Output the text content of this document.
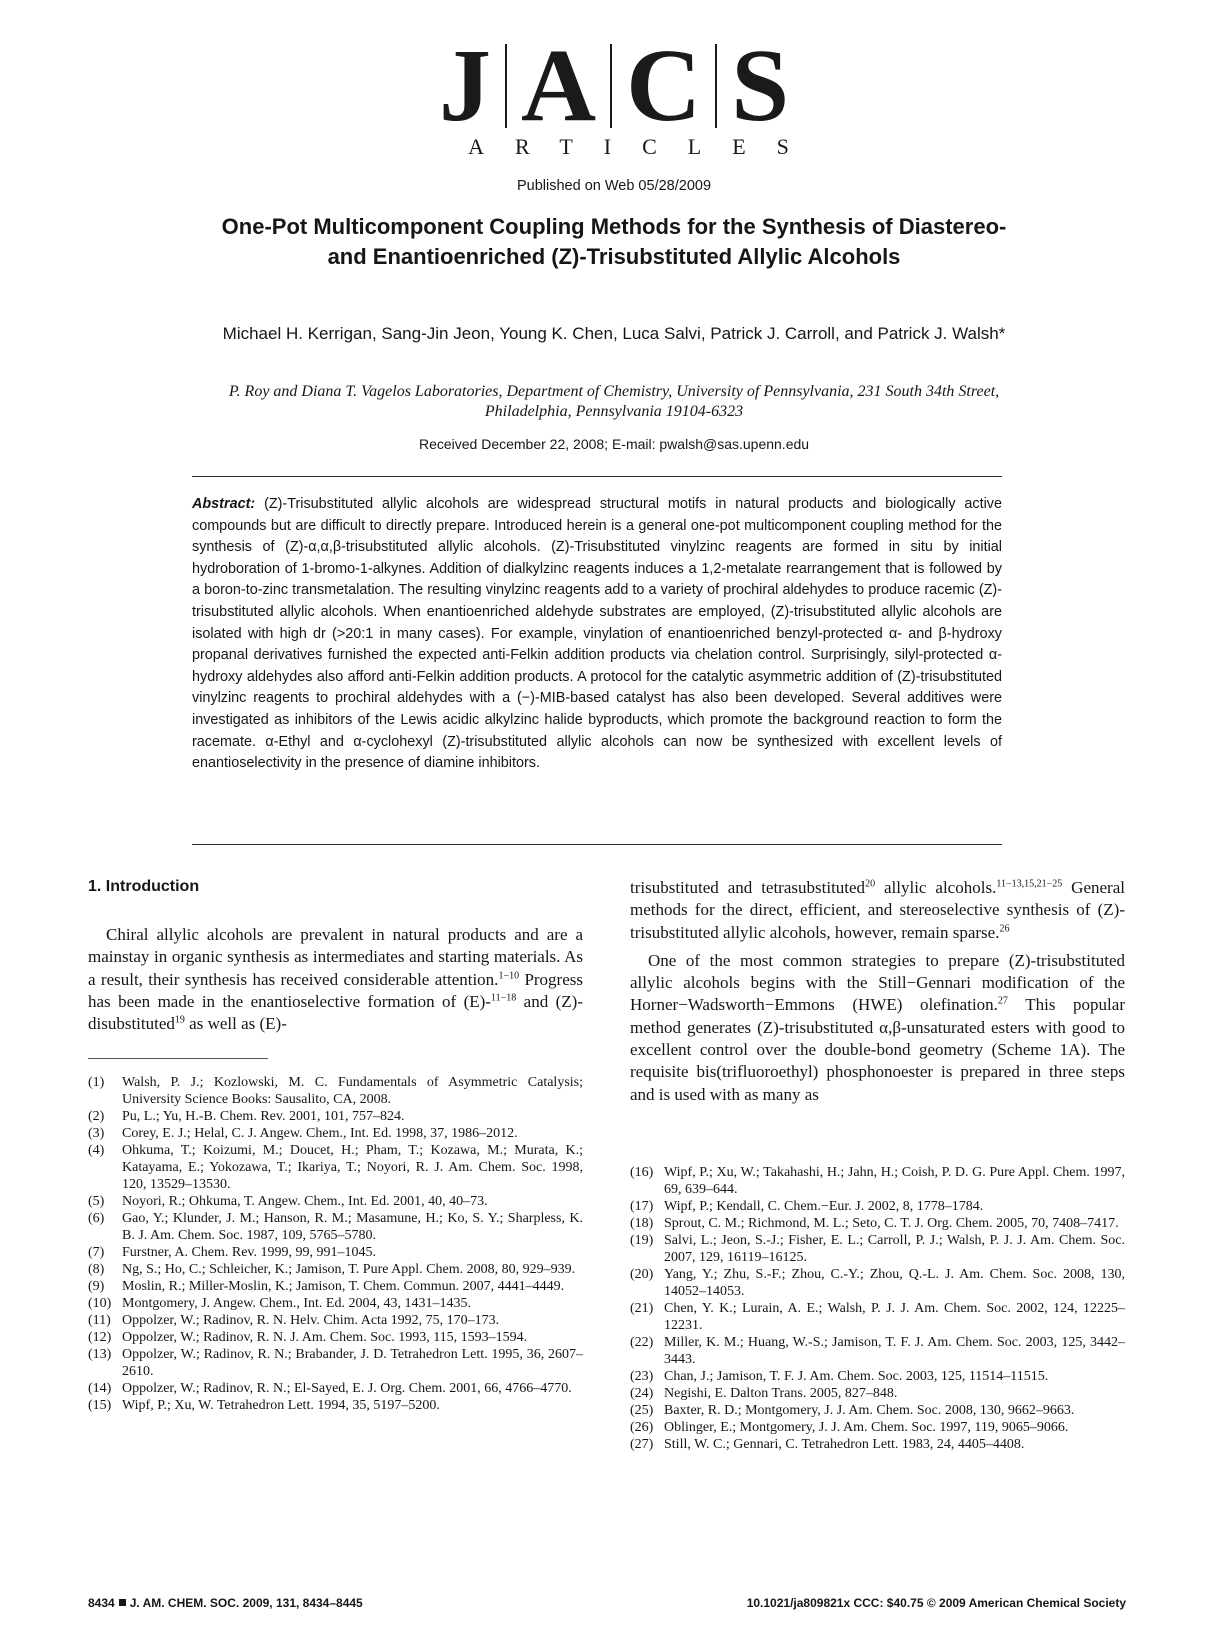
J A C S
ARTICLES
Published on Web 05/28/2009
One-Pot Multicomponent Coupling Methods for the Synthesis of Diastereo- and Enantioenriched (Z)-Trisubstituted Allylic Alcohols
Michael H. Kerrigan, Sang-Jin Jeon, Young K. Chen, Luca Salvi, Patrick J. Carroll, and Patrick J. Walsh*
P. Roy and Diana T. Vagelos Laboratories, Department of Chemistry, University of Pennsylvania, 231 South 34th Street, Philadelphia, Pennsylvania 19104-6323
Received December 22, 2008; E-mail: pwalsh@sas.upenn.edu
Abstract: (Z)-Trisubstituted allylic alcohols are widespread structural motifs in natural products and biologically active compounds but are difficult to directly prepare. Introduced herein is a general one-pot multicomponent coupling method for the synthesis of (Z)-α,α,β-trisubstituted allylic alcohols. (Z)-Trisubstituted vinylzinc reagents are formed in situ by initial hydroboration of 1-bromo-1-alkynes. Addition of dialkylzinc reagents induces a 1,2-metalate rearrangement that is followed by a boron-to-zinc transmetalation. The resulting vinylzinc reagents add to a variety of prochiral aldehydes to produce racemic (Z)-trisubstituted allylic alcohols. When enantioenriched aldehyde substrates are employed, (Z)-trisubstituted allylic alcohols are isolated with high dr (>20:1 in many cases). For example, vinylation of enantioenriched benzyl-protected α- and β-hydroxy propanal derivatives furnished the expected anti-Felkin addition products via chelation control. Surprisingly, silyl-protected α-hydroxy aldehydes also afford anti-Felkin addition products. A protocol for the catalytic asymmetric addition of (Z)-trisubstituted vinylzinc reagents to prochiral aldehydes with a (−)-MIB-based catalyst has also been developed. Several additives were investigated as inhibitors of the Lewis acidic alkylzinc halide byproducts, which promote the background reaction to form the racemate. α-Ethyl and α-cyclohexyl (Z)-trisubstituted allylic alcohols can now be synthesized with excellent levels of enantioselectivity in the presence of diamine inhibitors.
1. Introduction

Chiral allylic alcohols are prevalent in natural products and are a mainstay in organic synthesis as intermediates and starting materials. As a result, their synthesis has received considerable attention.$^{1-10}$ Progress has been made in the enantioselective formation of (E)-$^{11-18}$ and (Z)-disubstituted$^{19}$ as well as (E)-

trisubstituted and tetrasubstituted$^{20}$ allylic alcohols.$^{11-13,15,21-25}$ General methods for the direct, efficient, and stereoselective synthesis of (Z)-trisubstituted allylic alcohols, however, remain sparse.$^{26}$

One of the most common strategies to prepare (Z)-trisubstituted allylic alcohols begins with the Still−Gennari modification of the Horner−Wadsworth−Emmons (HWE) olefination.$^{27}$ This popular method generates (Z)-trisubstituted α,β-unsaturated esters with good to excellent control over the double-bond geometry (Scheme 1A). The requisite bis(trifluoroethyl) phosphonoester is prepared in three steps and is used with as many as

(1)	Walsh, P. J.; Kozlowski, M. C. Fundamentals of Asymmetric Catalysis; University Science Books: Sausalito, CA, 2008.
(2)	Pu, L.; Yu, H.-B. Chem. Rev. 2001, 101, 757–824.
(3)	Corey, E. J.; Helal, C. J. Angew. Chem., Int. Ed. 1998, 37, 1986–2012.
(4)	Ohkuma, T.; Koizumi, M.; Doucet, H.; Pham, T.; Kozawa, M.; Murata, K.; Katayama, E.; Yokozawa, T.; Ikariya, T.; Noyori, R. J. Am. Chem. Soc. 1998, 120, 13529–13530.
(5)	Noyori, R.; Ohkuma, T. Angew. Chem., Int. Ed. 2001, 40, 40–73.
(6)	Gao, Y.; Klunder, J. M.; Hanson, R. M.; Masamune, H.; Ko, S. Y.; Sharpless, K. B. J. Am. Chem. Soc. 1987, 109, 5765–5780.
(7)	Furstner, A. Chem. Rev. 1999, 99, 991–1045.
(8)	Ng, S.; Ho, C.; Schleicher, K.; Jamison, T. Pure Appl. Chem. 2008, 80, 929–939.
(9)	Moslin, R.; Miller-Moslin, K.; Jamison, T. Chem. Commun. 2007, 4441–4449.
(10) Montgomery, J. Angew. Chem., Int. Ed. 2004, 43, 1431–1435.
(11) Oppolzer, W.; Radinov, R. N. Helv. Chim. Acta 1992, 75, 170–173.
(12) Oppolzer, W.; Radinov, R. N. J. Am. Chem. Soc. 1993, 115, 1593–1594.
(13) Oppolzer, W.; Radinov, R. N.; Brabander, J. D. Tetrahedron Lett. 1995, 36, 2607–2610.
(14) Oppolzer, W.; Radinov, R. N.; El-Sayed, E. J. Org. Chem. 2001, 66, 4766–4770.
(15) Wipf, P.; Xu, W. Tetrahedron Lett. 1994, 35, 5197–5200.
(16) Wipf, P.; Xu, W.; Takahashi, H.; Jahn, H.; Coish, P. D. G. Pure Appl. Chem. 1997, 69, 639–644.
(17) Wipf, P.; Kendall, C. Chem.−Eur. J. 2002, 8, 1778–1784.
(18) Sprout, C. M.; Richmond, M. L.; Seto, C. T. J. Org. Chem. 2005, 70, 7408–7417.
(19) Salvi, L.; Jeon, S.-J.; Fisher, E. L.; Carroll, P. J.; Walsh, P. J. J. Am. Chem. Soc. 2007, 129, 16119–16125.
(20) Yang, Y.; Zhu, S.-F.; Zhou, C.-Y.; Zhou, Q.-L. J. Am. Chem. Soc. 2008, 130, 14052–14053.
(21) Chen, Y. K.; Lurain, A. E.; Walsh, P. J. J. Am. Chem. Soc. 2002, 124, 12225–12231.
(22) Miller, K. M.; Huang, W.-S.; Jamison, T. F. J. Am. Chem. Soc. 2003, 125, 3442–3443.
(23) Chan, J.; Jamison, T. F. J. Am. Chem. Soc. 2003, 125, 11514–11515.
(24) Negishi, E. Dalton Trans. 2005, 827–848.
(25) Baxter, R. D.; Montgomery, J. J. Am. Chem. Soc. 2008, 130, 9662–9663.
(26) Oblinger, E.; Montgomery, J. J. Am. Chem. Soc. 1997, 119, 9065–9066.
(27) Still, W. C.; Gennari, C. Tetrahedron Lett. 1983, 24, 4405–4408.
8434 J. AM. CHEM. SOC. 2009, 131, 8434–8445	10.1021/ja809821x CCC: $40.75 © 2009 American Chemical Society
